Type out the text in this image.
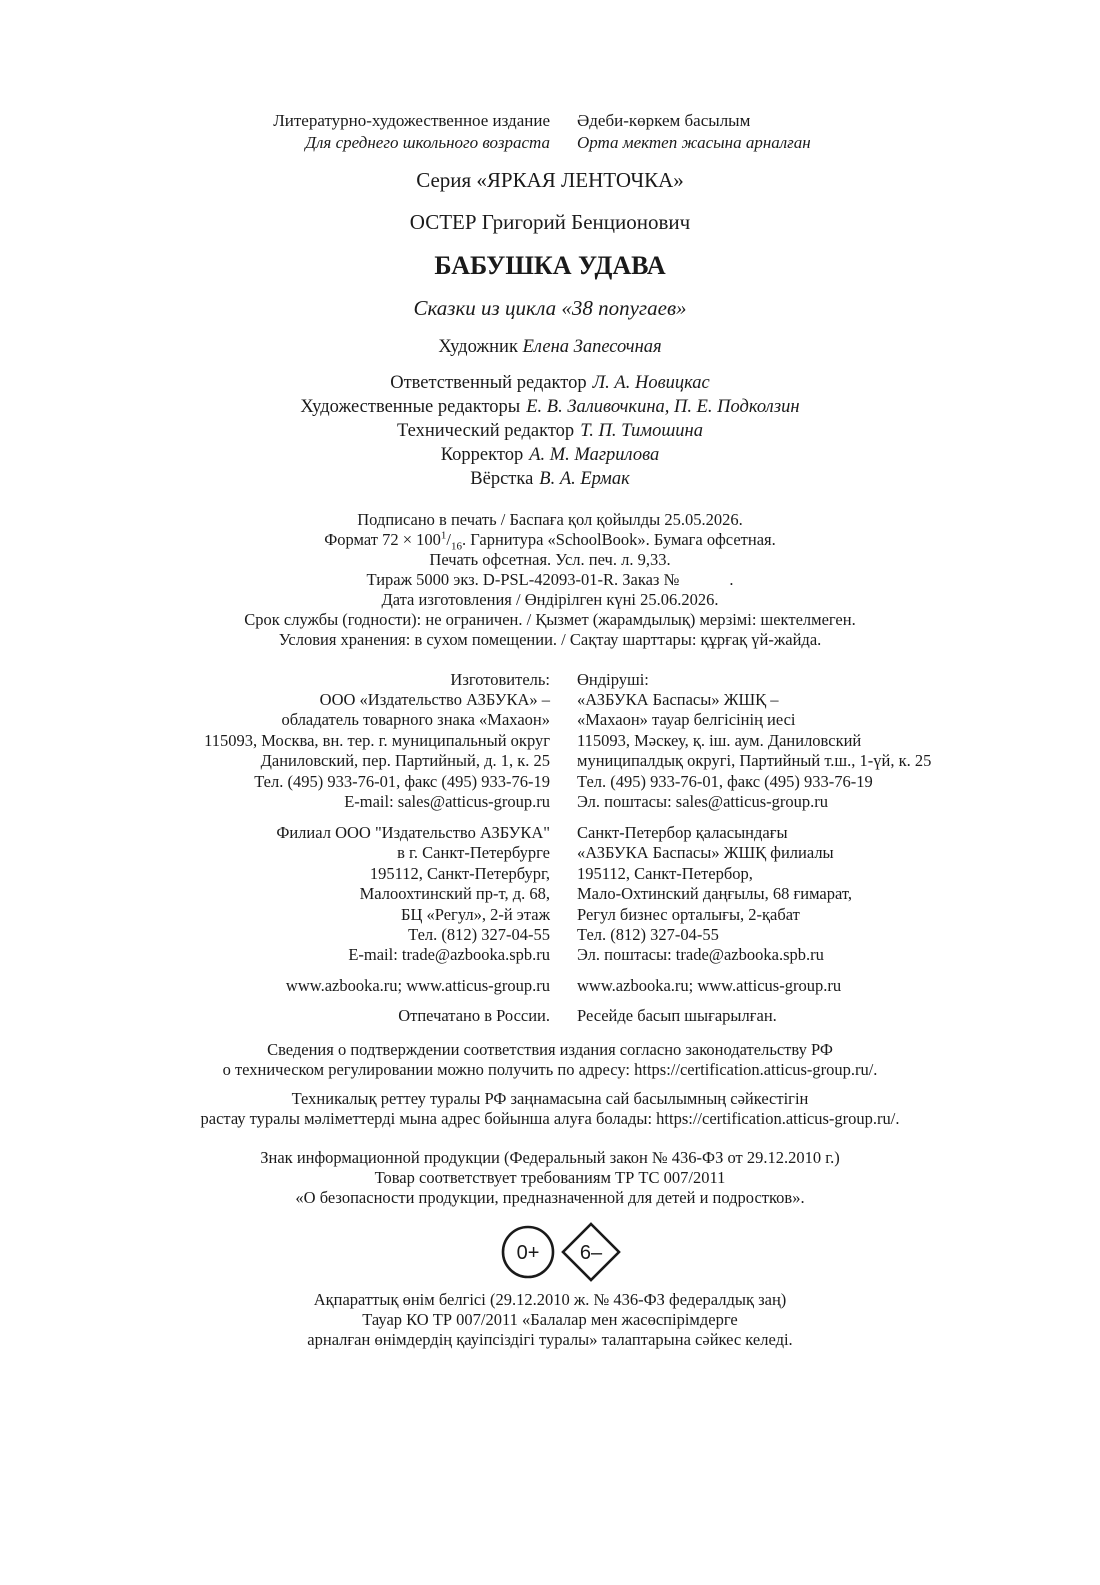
Литературно-художественное издание Әдеби-көркем басылым
Для среднего школьного возраста Орта мектеп жасына арналған
Серия «ЯРКАЯ ЛЕНТОЧКА»
ОСТЕР Григорий Бенционович
БАБУШКА УДАВА
Сказки из цикла «38 попугаев»
Художник Елена Запесочная
Ответственный редактор Л. А. Новицкас
Художественные редакторы Е. В. Заливочкина, П. Е. Подколзин
Технический редактор Т. П. Тимошина
Корректор А. М. Магрилова
Вёрстка В. А. Ермак
Подписано в печать / Баспаға қол қойылды 25.05.2026.
Формат $72 \times 100^1/_{16}$. Гарнитура «SchoolBook». Бумага офсетная.
Печать офсетная. Усл. печ. л. 9,33.
Тираж 5000 экз. D-PSL-42093-01-R. Заказ №	.
Дата изготовления / Өндірілген күні 25.06.2026.
Срок службы (годности): не ограничен. / Қызмет (жарамдылық) мерзімі: шектелмеген.
Условия хранения: в сухом помещении. / Сақтау шарттары: құрғақ үй-жайда.
Изготовитель:
ООО «Издательство АЗБУКА» –
обладатель товарного знака «Махаон»
115093, Москва, вн. тер. г. муниципальный округ
Даниловский, пер. Партийный, д. 1, к. 25
Тел. (495) 933-76-01, факс (495) 933-76-19
E-mail: sales@atticus-group.ru
Өндіруші:
«АЗБУКА Баспасы» ЖШҚ –
«Махаон» тауар белгісінің иесі
115093, Мәскеу, қ. іш. аум. Даниловский
муниципалдық округі, Партийный т.ш., 1-үй, к. 25
Тел. (495) 933-76-01, факс (495) 933-76-19
Эл. поштасы: sales@atticus-group.ru
Филиал ООО "Издательство АЗБУКА"
в г. Санкт-Петербурге
195112, Санкт-Петербург,
Малоохтинский пр-т, д. 68,
БЦ «Регул», 2-й этаж
Тел. (812) 327-04-55
E-mail: trade@azbooka.spb.ru
Санкт-Петербор қаласындағы
«АЗБУКА Баспасы» ЖШҚ филиалы
195112, Санкт-Петербор,
Мало-Охтинский даңғылы, 68 ғимарат,
Регул бизнес орталығы, 2-қабат
Тел. (812) 327-04-55
Эл. поштасы: trade@azbooka.spb.ru
www.azbooka.ru; www.atticus-group.ru www.azbooka.ru; www.atticus-group.ru
Отпечатано в России. Ресейде басып шығарылған.
Сведения о подтверждении соответствия издания согласно законодательству РФ
о техническом регулировании можно получить по адресу: https://certification.atticus-group.ru/.
Техникалық реттеу туралы РФ заңнамасына сай басылымның сәйкестігін
растау туралы мәліметтерді мына адрес бойынша алуға болады: https://certification.atticus-group.ru/.
Знак информационной продукции (Федеральный закон № 436-ФЗ от 29.12.2010 г.)
Товар соответствует требованиям ТР ТС 007/2011
«О безопасности продукции, предназначенной для детей и подростков».
0+ 6–
Ақпараттық өнім белгісі (29.12.2010 ж. № 436-ФЗ федералдық заң)
Тауар КО ТР 007/2011 «Балалар мен жасөспірімдерге
арналған өнімдердің қауіпсіздігі туралы» талаптарына сәйкес келеді.
